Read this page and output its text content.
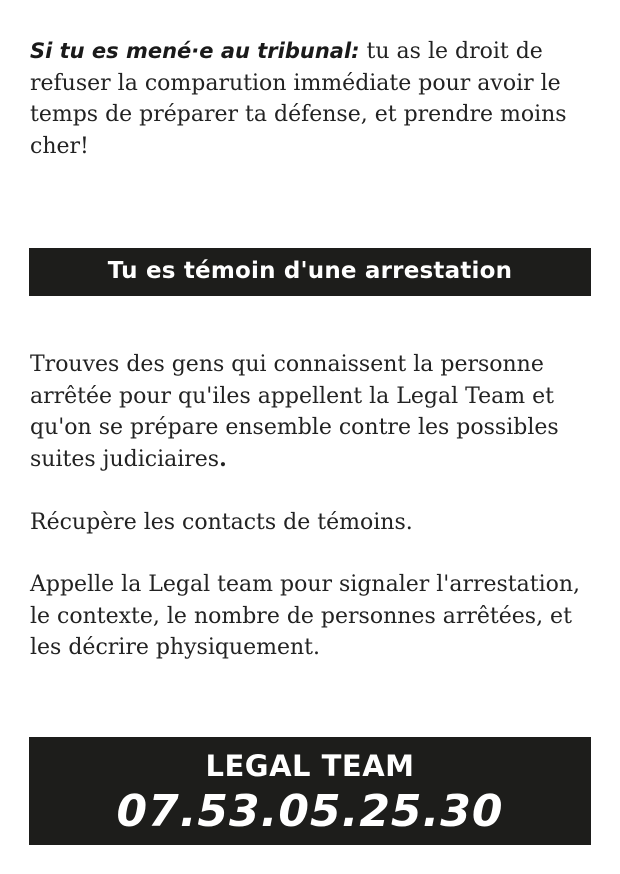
Si tu es mené·e au tribunal: tu as le droit de refuser la comparution immédiate pour avoir le temps de préparer ta défense, et prendre moins cher!

Tu es témoin d'une arrestation

Trouves des gens qui connaissent la personne arrêtée pour qu'iles appellent la Legal Team et qu'on se prépare ensemble contre les possibles suites judiciaires.

Récupère les contacts de témoins.

Appelle la Legal team pour signaler l'arrestation, le contexte, le nombre de personnes arrêtées, et les décrire physiquement.

LEGAL TEAM
07.53.05.25.30
